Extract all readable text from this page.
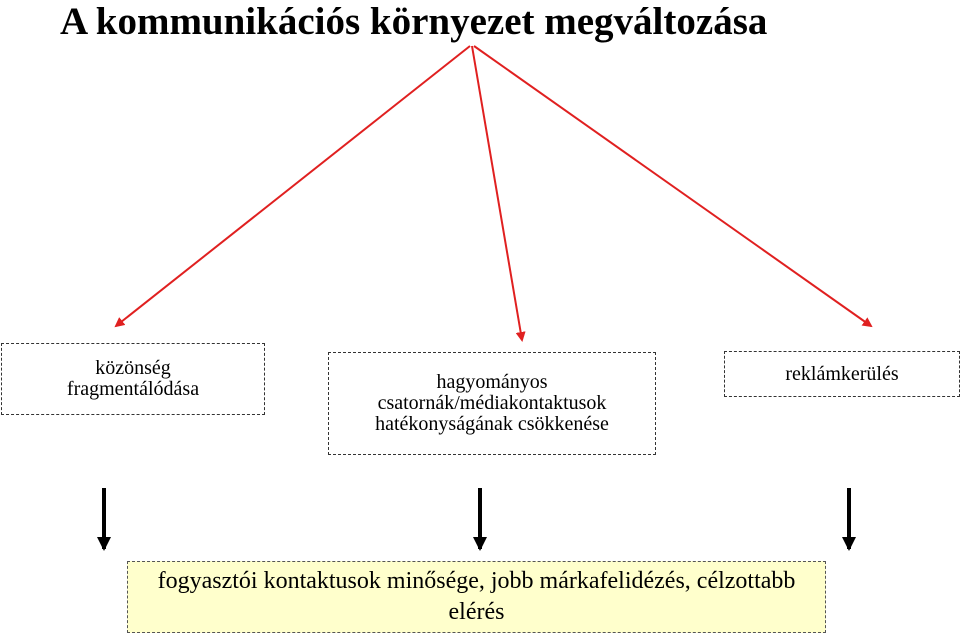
A kommunikációs környezet megváltozása
közönség
fragmentálódása	hagyományos
csatornák/médiakontaktusok
hatékonyságának csökkenése
reklámkerülés
fogyasztói kontaktusok minősége, jobb márkafelidézés, célzottabb
elérés
